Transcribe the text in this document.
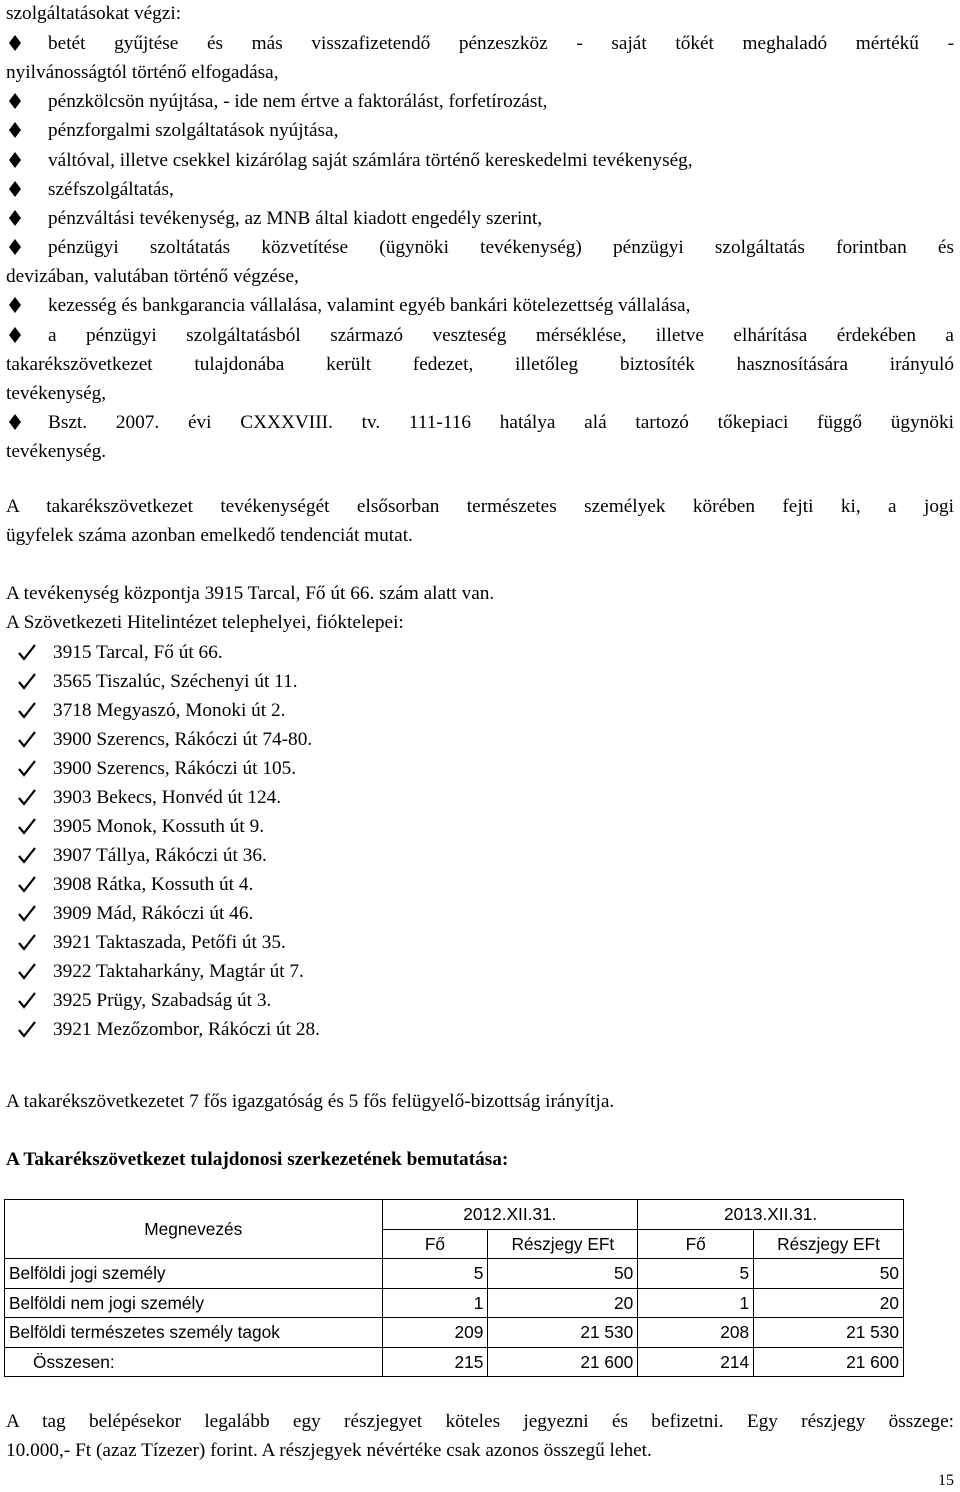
szolgáltatásokat végzi:
betét gyűjtése és más visszafizetendő pénzeszköz - saját tőkét meghaladó mértékű -
nyilvánosságtól történő elfogadása,
pénzkölcsön nyújtása, - ide nem értve a faktorálást, forfetírozást,
pénzforgalmi szolgáltatások nyújtása,
váltóval, illetve csekkel kizárólag saját számlára történő kereskedelmi tevékenység,
széfszolgáltatás,
pénzváltási tevékenység, az MNB által kiadott engedély szerint,
pénzügyi szoltátatás közvetítése (ügynöki tevékenység) pénzügyi szolgáltatás forintban és
devizában, valutában történő végzése,
kezesség és bankgarancia vállalása, valamint egyéb bankári kötelezettség vállalása,
a pénzügyi szolgáltatásból származó veszteség mérséklése, illetve elhárítása érdekében a
takarékszövetkezet tulajdonába került fedezet, illetőleg biztosíték hasznosítására irányuló
tevékenység,
Bszt. 2007. évi CXXXVIII. tv. 111-116 hatálya alá tartozó tőkepiaci függő ügynöki
tevékenység.
A takarékszövetkezet tevékenységét elsősorban természetes személyek körében fejti ki, a jogi
ügyfelek száma azonban emelkedő tendenciát mutat.
A tevékenység központja 3915 Tarcal, Fő út 66. szám alatt van.
A Szövetkezeti Hitelintézet telephelyei, fióktelepei:
3915 Tarcal, Fő út 66.
3565 Tiszalúc, Széchenyi út 11.
3718 Megyaszó, Monoki út 2.
3900 Szerencs, Rákóczi út 74-80.
3900 Szerencs, Rákóczi út 105.
3903 Bekecs, Honvéd út 124.
3905 Monok, Kossuth út 9.
3907 Tállya, Rákóczi út 36.
3908 Rátka, Kossuth út 4.
3909 Mád, Rákóczi út 46.
3921 Taktaszada, Petőfi út 35.
3922 Taktaharkány, Magtár út 7.
3925 Prügy, Szabadság út 3.
3921 Mezőzombor, Rákóczi út 28.
A takarékszövetkezetet 7 fős igazgatóság és 5 fős felügyelő-bizottság irányítja.
A Takarékszövetkezet tulajdonosi szerkezetének bemutatása:
Megnevezés	2012.XII.31.		2013.XII.31.	
	Fő	Részjegy EFt	Fő	Részjegy EFt
Belföldi jogi személy	5	50	5	50
Belföldi nem jogi személy	1	20	1	20
Belföldi természetes személy tagok	209	21 530	208	21 530
Összesen:	215	21 600	214	21 600
A tag belépésekor legalább egy részjegyet köteles jegyezni és befizetni. Egy részjegy összege:
10.000,- Ft (azaz Tízezer) forint. A részjegyek névértéke csak azonos összegű lehet.
15
